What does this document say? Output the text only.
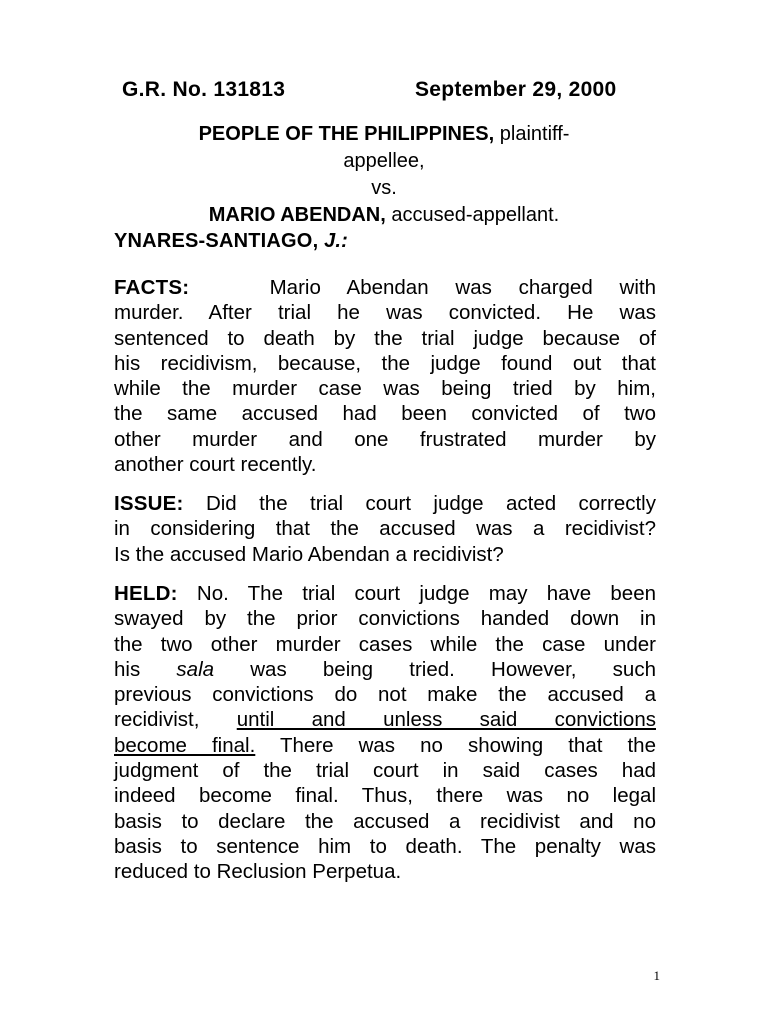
G.R. No. 131813	September 29, 2000
PEOPLE OF THE PHILIPPINES, plaintiff-
appellee,
vs.
MARIO ABENDAN, accused-appellant.
YNARES-SANTIAGO, J.:
FACTS:	Mario Abendan was charged with
murder. After trial he was convicted. He was
sentenced to death by the trial judge because of
his recidivism, because, the judge found out that
while the murder case was being tried by him,
the same accused had been convicted of two
other murder and one frustrated murder by
another court recently.
ISSUE: Did the trial court judge acted correctly
in considering that the accused was a recidivist?
Is the accused Mario Abendan a recidivist?
HELD: No. The trial court judge may have been
swayed by the prior convictions handed down in
the two other murder cases while the case under
his sala was being tried. However, such
previous convictions do not make the accused a
recidivist, until and unless said convictions
become final. There was no showing that the
judgment of the trial court in said cases had
indeed become final. Thus, there was no legal
basis to declare the accused a recidivist and no
basis to sentence him to death. The penalty was
reduced to Reclusion Perpetua.
1
